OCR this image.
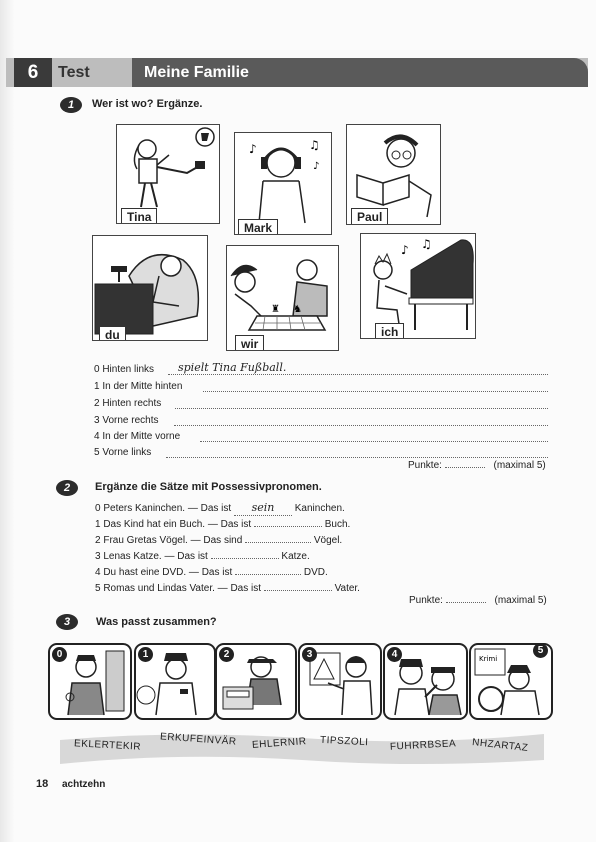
6	Test	Meine Familie
1	Wer ist wo? Ergänze.
Tina
♪	♫
♪
Mark
Paul
du
♜ ♞
wir
♪ ♫
ich
0 Hinten links spielt Tina Fußball.
1 In der Mitte hinten
2 Hinten rechts
3 Vorne rechts
4 In der Mitte vorne
5 Vorne links
Punkte:	(maximal 5)
2	Ergänze die Sätze mit Possessivpronomen.
0 Peters Kaninchen. — Das ist sein Kaninchen.
1 Das Kind hat ein Buch. — Das ist	Buch.
2 Frau Gretas Vögel. — Das sind	Vögel.
3 Lenas Katze. — Das ist	Katze.
4 Du hast eine DVD. — Das ist	DVD.
5 Romas und Lindas Vater. — Das ist	Vater.
Punkte:	(maximal 5)
3	Was passt zusammen?
0	1	2	3	4	5
Krimi
EKLERTEKIR ERKUFEINVÄR EHLERNIR TIPSZOLI FUHRRBSEA NHZARTAZ
18 achtzehn
